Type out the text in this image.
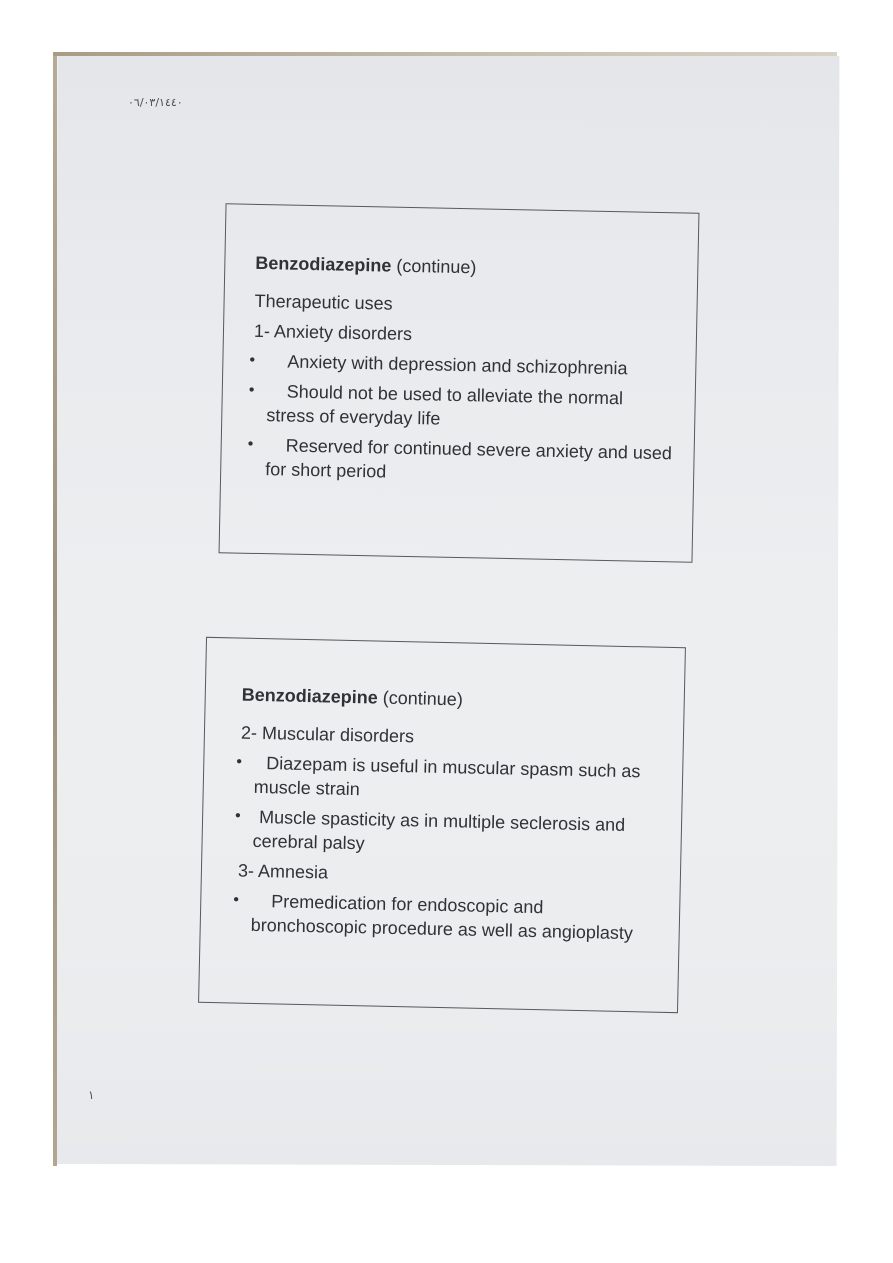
٠٦/٠٣/١٤٤٠
Benzodiazepine (continue)
Therapeutic uses
1- Anxiety disorders
• Anxiety with depression and schizophrenia
• Should not be used to alleviate the normal stress of everyday life
• Reserved for continued severe anxiety and used for short period
Benzodiazepine (continue)
2- Muscular disorders
• Diazepam is useful in muscular spasm such as muscle strain
• Muscle spasticity as in multiple seclerosis and cerebral palsy
3- Amnesia
• Premedication for endoscopic and bronchoscopic procedure as well as angioplasty
١
